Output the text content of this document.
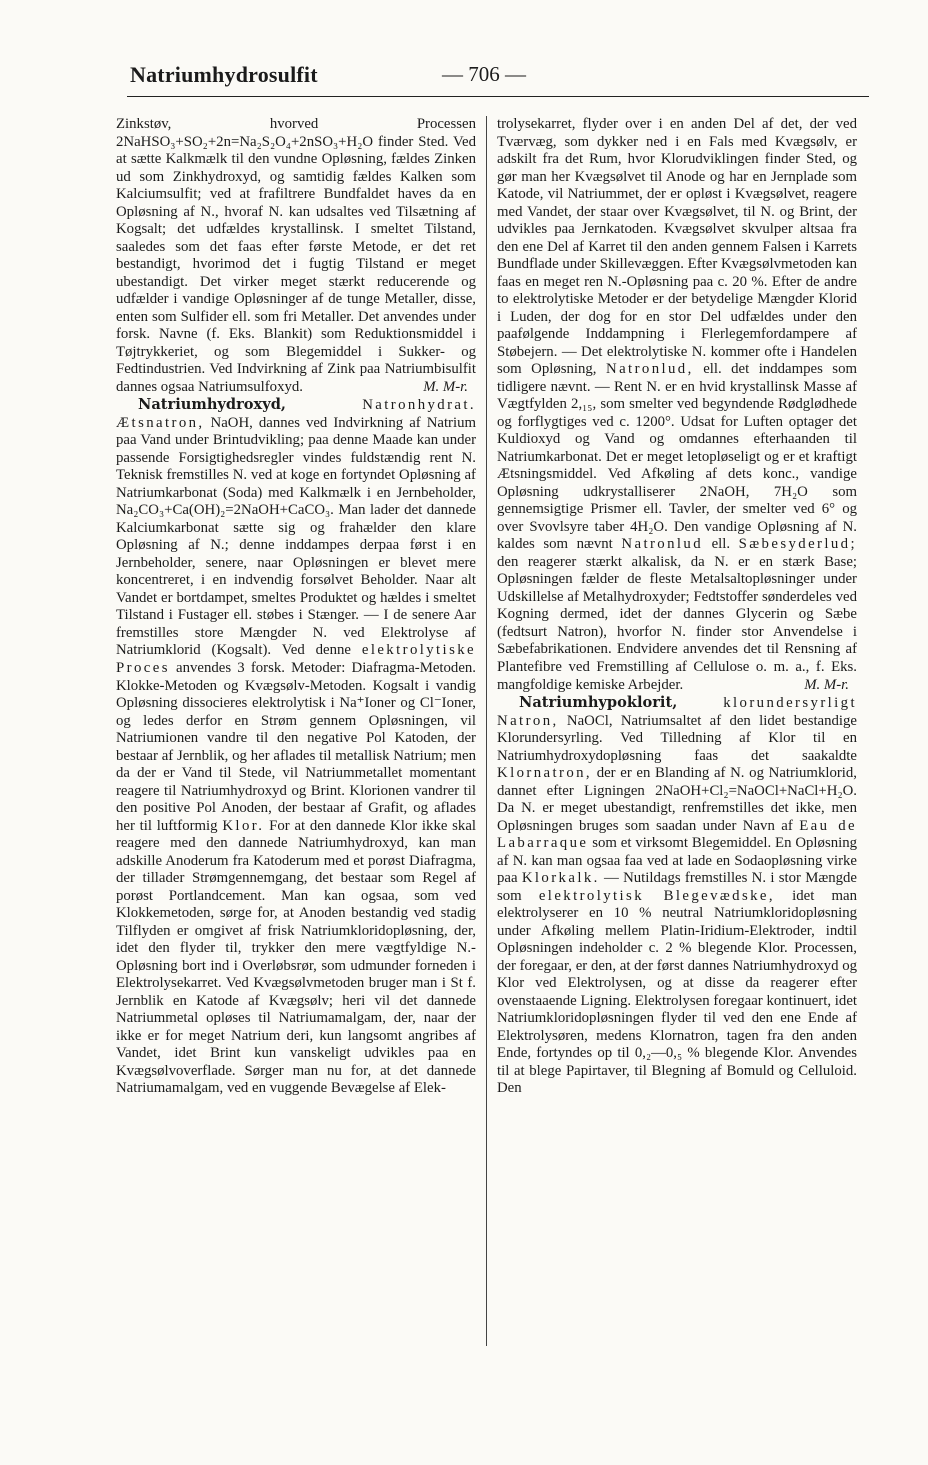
Natriumhydrosulfit	— 706 —

Zinkstøv, hvorved Processen 2NaHSO₃+SO₂+2n=Na₂S₂O₄+2nSO₃+H₂O finder Sted. Ved at sætte Kalkmælk til den vundne Opløsning, fældes Zinken ud som Zinkhydroxyd, og samtidig fældes Kalken som Kalciumsulfit; ved at frafiltrere Bundfaldet haves da en Opløsning af N., hvoraf N. kan udsaltes ved Tilsætning af Kogsalt; det udfældes krystallinsk. I smeltet Tilstand, saaledes som det faas efter første Metode, er det ret bestandigt, hvorimod det i fugtig Tilstand er meget ubestandigt. Det virker meget stærkt reducerende og udfælder i vandige Opløsninger af de tunge Metaller, disse, enten som Sulfider ell. som fri Metaller. Det anvendes under forsk. Navne (f. Eks. Blankit) som Reduktionsmiddel i Tøjtrykkeriet, og som Blegemiddel i Sukker- og Fedtindustrien. Ved Indvirkning af Zink paa Natriumbisulfit dannes ogsaa Natriumsulfoxyd.	M. M-r.

Natriumhydroxyd,	Natronhydrat. Ætsnatron, NaOH, dannes ved Indvirkning af Natrium paa Vand under Brintudvikling; paa denne Maade kan under passende Forsigtighedsregler vindes fuldstændig rent N. Teknisk fremstilles N. ved at koge en fortyndet Opløsning af Natriumkarbonat (Soda) med Kalkmælk i en Jernbeholder, Na₂CO₃+Ca(OH)₂=2NaOH+CaCO₃. Man lader det dannede Kalciumkarbonat sætte sig og frahælder den klare Opløsning af N.; denne inddampes derpaa først i en Jernbeholder, senere, naar Opløsningen er blevet mere koncentreret, i en indvendig forsølvet Beholder. Naar alt Vandet er bortdampet, smeltes Produktet og hældes i smeltet Tilstand i Fustager ell. støbes i Stænger. — I de senere Aar fremstilles store Mængder N. ved Elektrolyse af Natriumklorid (Kogsalt). Ved denne elektrolytiske Proces anvendes 3 forsk. Metoder: Diafragma-Metoden. Klokke-Metoden og Kvægsølv-Metoden. Kogsalt i vandig Opløsning dissocieres elektrolytisk i Na⁺Ioner og Cl⁻Ioner, og ledes derfor en Strøm gennem Opløsningen, vil Natriumionen vandre til den negative Pol Katoden, der bestaar af Jernblik, og her aflades til metallisk Natrium; men da der er Vand til Stede, vil Natriummetallet momentant reagere til Natriumhydroxyd og Brint. Klorionen vandrer til den positive Pol Anoden, der bestaar af Grafit, og aflades her til luftformig Klor. For at den dannede Klor ikke skal reagere med den dannede Natriumhydroxyd, kan man adskille Anoderum fra Katoderum med et porøst Diafragma, der tillader Strømgennemgang, det bestaar som Regel af porøst Portlandcement. Man kan ogsaa, som ved Klokkemetoden, sørge for, at Anoden bestandig ved stadig Tilflyden er omgivet af frisk Natriumkloridopløsning, der, idet den flyder til, trykker den mere vægtfyldige N.-Opløsning bort ind i Overløbsrør, som udmunder forneden i Elektrolysekarret. Ved Kvægsølvmetoden bruger man i St f. Jernblik en Katode af Kvægsølv; heri vil det dannede Natriummetal opløses til Natriumamalgam, der, naar der ikke er for meget Natrium deri, kun langsomt angribes af Vandet, idet Brint kun vanskeligt udvikles paa en Kvægsølvoverflade. Sørger man nu for, at det dannede Natriumamalgam, ved en vuggende Bevægelse af Elek-

trolysekarret, flyder over i en anden Del af det, der ved Tværvæg, som dykker ned i en Fals med Kvægsølv, er adskilt fra det Rum, hvor Klorudviklingen finder Sted, og gør man her Kvægsølvet til Anode og har en Jernplade som Katode, vil Natriummet, der er opløst i Kvægsølvet, reagere med Vandet, der staar over Kvægsølvet, til N. og Brint, der udvikles paa Jernkatoden. Kvægsølvet skvulper altsaa fra den ene Del af Karret til den anden gennem Falsen i Karrets Bundflade under Skillevæggen. Efter Kvægsølvmetoden kan faas en meget ren N.-Opløsning paa c. 20 %. Efter de andre to elektrolytiske Metoder er der betydelige Mængder Klorid i Luden, der dog for en stor Del udfældes under den paafølgende Inddampning i Flerlegemfordampere af Støbejern. — Det elektrolytiske N. kommer ofte i Handelen som Opløsning, Natronlud, ell. det inddampes som tidligere nævnt. — Rent N. er en hvid krystallinsk Masse af Vægtfylden 2,₁₅, som smelter ved begyndende Rødglødhede og forflygtiges ved c. 1200°. Udsat for Luften optager det Kuldioxyd og Vand og omdannes efterhaanden til Natriumkarbonat. Det er meget letopløseligt og er et kraftigt Ætsningsmiddel. Ved Afkøling af dets konc., vandige Opløsning udkrystalliserer 2NaOH, 7H₂O som gennemsigtige Prismer ell. Tavler, der smelter ved 6° og over Svovlsyre taber 4H₂O. Den vandige Opløsning af N. kaldes som nævnt Natronlud ell. Sæbesyderlud; den reagerer stærkt alkalisk, da N. er en stærk Base; Opløsningen fælder de fleste Metalsaltopløsninger under Udskillelse af Metalhydroxyder; Fedtstoffer sønderdeles ved Kogning dermed, idet der dannes Glycerin og Sæbe (fedtsurt Natron), hvorfor N. finder stor Anvendelse i Sæbefabrikationen. Endvidere anvendes det til Rensning af Plantefibre ved Fremstilling af Cellulose o. m. a., f. Eks. mangfoldige kemiske Arbejder.	M. M-r.

Natriumhypoklorit,	klorundersyrligt Natron, NaOCl, Natriumsaltet af den lidet bestandige Klorundersyrling. Ved Tilledning af Klor til en Natriumhydroxydopløsning faas det saakaldte Klornatron, der er en Blanding af N. og Natriumklorid, dannet efter Ligningen 2NaOH+Cl₂=NaOCl+NaCl+H₂O. Da N. er meget ubestandigt, renfremstilles det ikke, men Opløsningen bruges som saadan under Navn af Eau de Labarraque som et virksomt Blegemiddel. En Opløsning af N. kan man ogsaa faa ved at lade en Sodaopløsning virke paa Klorkalk. — Nutildags fremstilles N. i stor Mængde som elektrolytisk Blegevædske, idet man elektrolyserer en 10 % neutral Natriumkloridopløsning under Afkøling mellem Platin-Iridium-Elektroder, indtil Opløsningen indeholder c. 2 % blegende Klor. Processen, der foregaar, er den, at der først dannes Natriumhydroxyd og Klor ved Elektrolysen, og at disse da reagerer efter ovenstaaende Ligning. Elektrolysen foregaar kontinuert, idet Natriumkloridopløsningen flyder til ved den ene Ende af Elektrolysøren, medens Klornatron, tagen fra den anden Ende, fortyndes op til 0,₂—0,₅ % blegende Klor. Anvendes til at blege Papirtaver, til Blegning af Bomuld og Celluloid. Den
